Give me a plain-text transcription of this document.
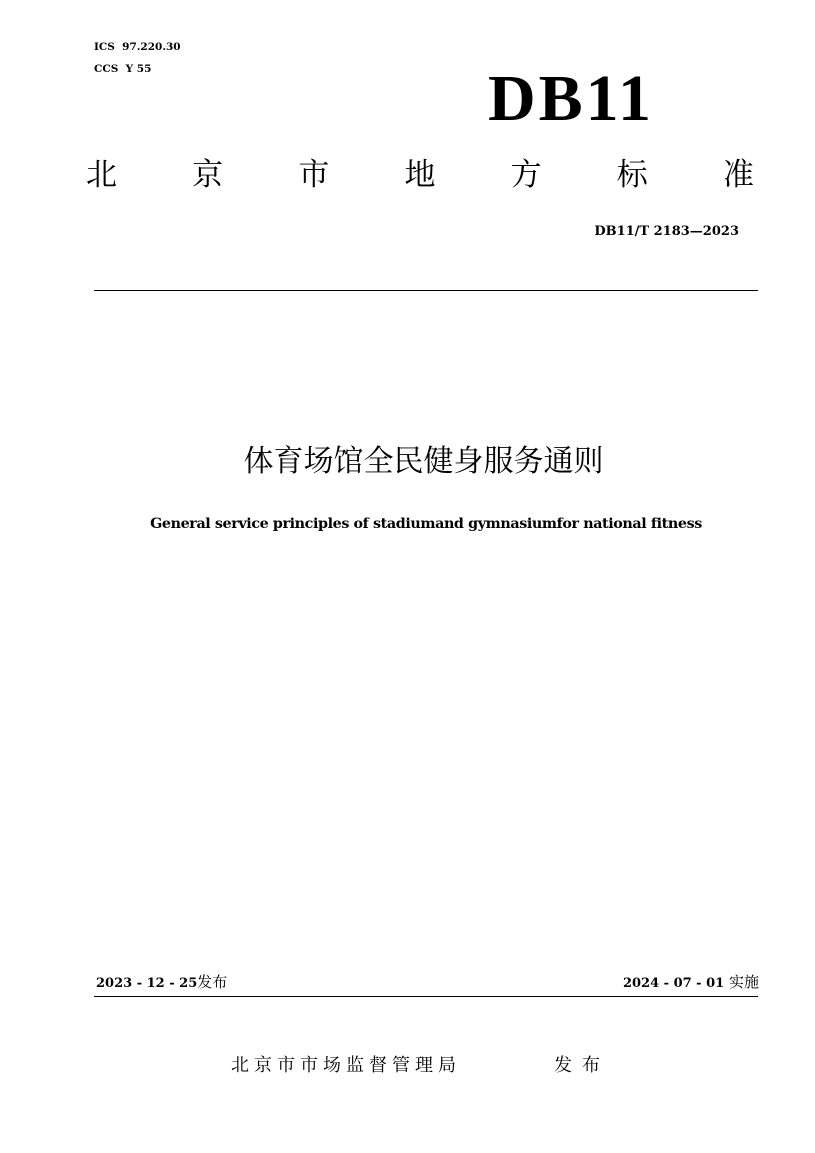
ICS  97.220.30
CCS  Y 55	DB11
北 京 市 地 方 标 准
DB11/T 2183—2023
体育场馆全民健身服务通则
General service principles of stadiumand gymnasiumfor national fitness
2023 - 12 - 25发布	2024 - 07 - 01 实施
北京市市场监督管理局	发布
